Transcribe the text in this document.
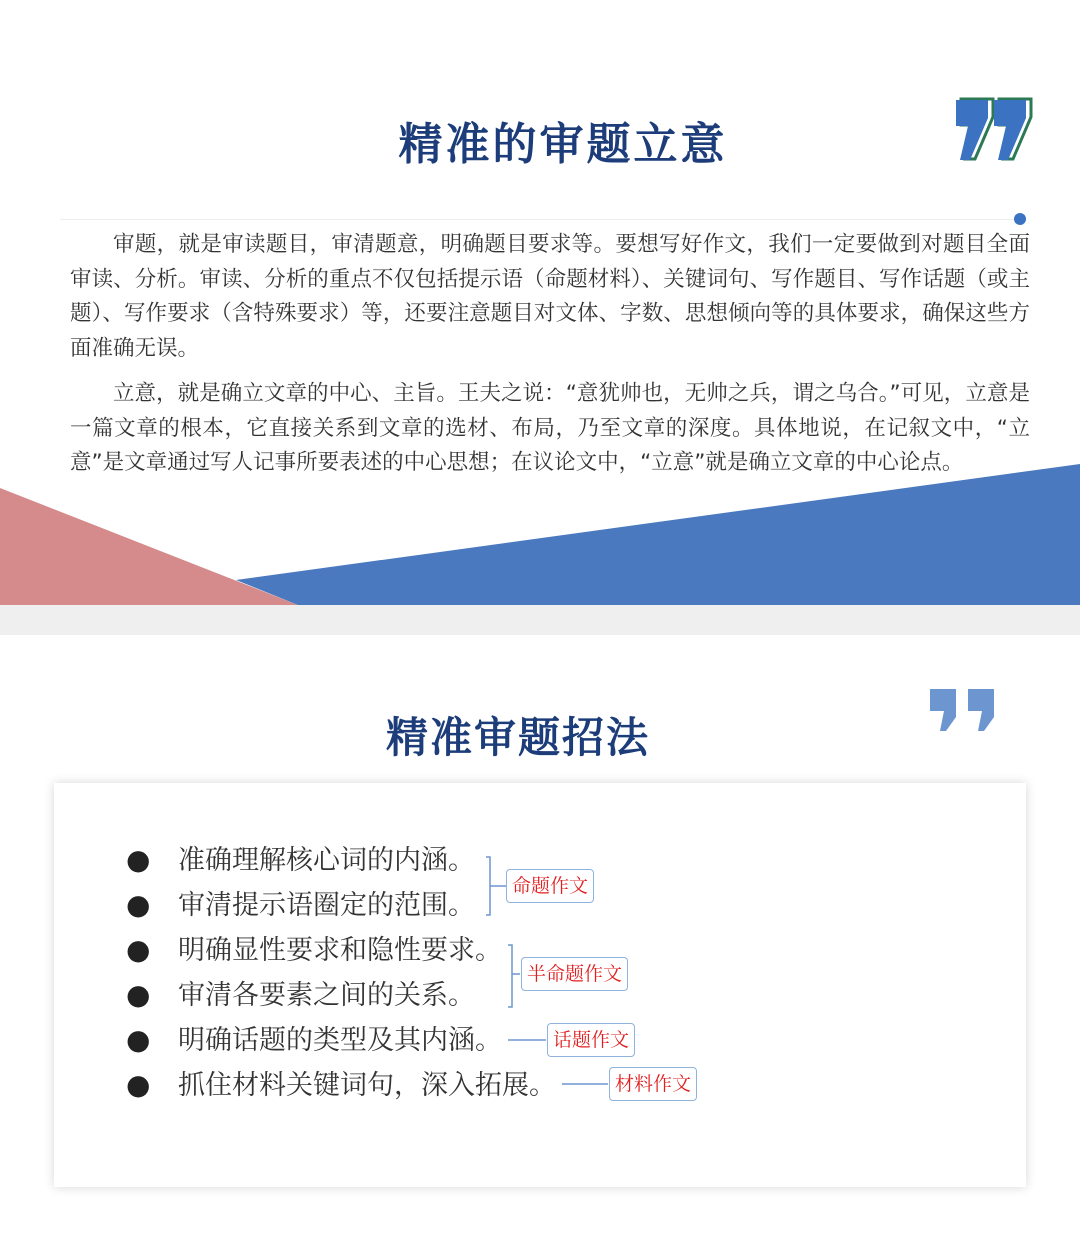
精准的审题立意
审题，就是审读题目，审清题意，明确题目要求等。要想写好作文，我们一定要做到对题目全面审读、分析。审读、分析的重点不仅包括提示语（命题材料）、关键词句、写作题目、写作话题（或主题）、写作要求（含特殊要求）等，还要注意题目对文体、字数、思想倾向等的具体要求，确保这些方面准确无误。
立意，就是确立文章的中心、主旨。王夫之说：“意犹帅也，无帅之兵，谓之乌合。”可见，立意是一篇文章的根本，它直接关系到文章的选材、布局，乃至文章的深度。具体地说，在记叙文中，“立意”是文章通过写人记事所要表述的中心思想；在议论文中，“立意”就是确立文章的中心论点。
精准审题招法
● 准确理解核心词的内涵。
● 审清提示语圈定的范围。
● 明确显性要求和隐性要求。
● 审清各要素之间的关系。
● 明确话题的类型及其内涵。
● 抓住材料关键词句，深入拓展。
命题作文
半命题作文
话题作文
材料作文
